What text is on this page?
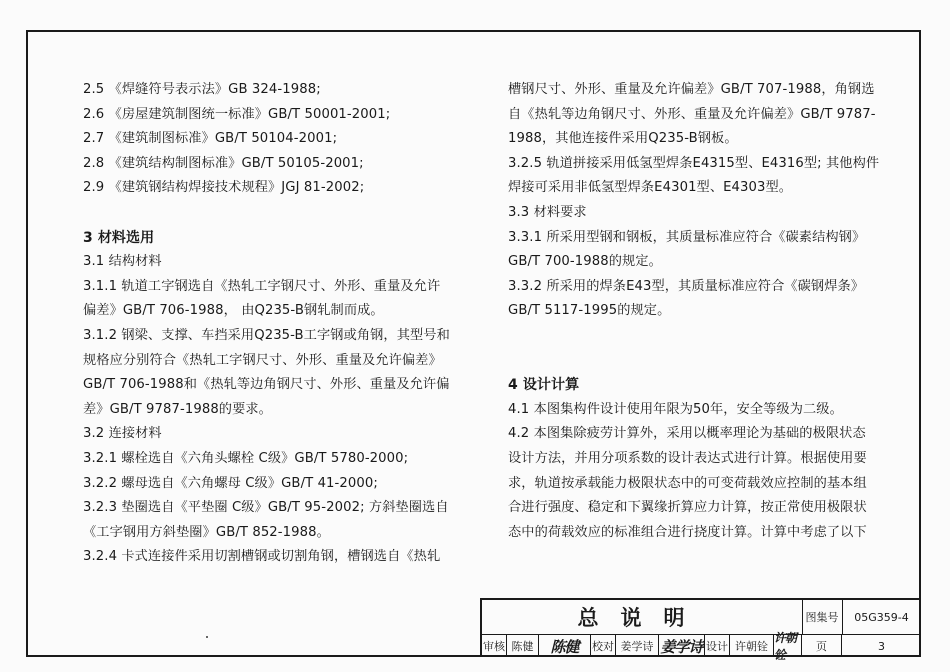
2.5 《焊缝符号表示法》GB 324-1988;
2.6 《房屋建筑制图统一标准》GB/T 50001-2001;
2.7 《建筑制图标准》GB/T 50104-2001;
2.8 《建筑结构制图标准》GB/T 50105-2001;
2.9 《建筑钢结构焊接技术规程》JGJ 81-2002;
3 材料选用
3.1 结构材料
3.1.1 轨道工字钢选自《热轧工字钢尺寸、外形、重量及允许
偏差》GB/T 706-1988， 由Q235-B钢轧制而成。
3.1.2 钢梁、支撑、车挡采用Q235-B工字钢或角钢，其型号和
规格应分别符合《热轧工字钢尺寸、外形、重量及允许偏差》
GB/T 706-1988和《热轧等边角钢尺寸、外形、重量及允许偏
差》GB/T 9787-1988的要求。
3.2 连接材料
3.2.1 螺栓选自《六角头螺栓 C级》GB/T 5780-2000;
3.2.2 螺母选自《六角螺母 C级》GB/T 41-2000;
3.2.3 垫圈选自《平垫圈 C级》GB/T 95-2002; 方斜垫圈选自
《工字钢用方斜垫圈》GB/T 852-1988。
3.2.4 卡式连接件采用切割槽钢或切割角钢，槽钢选自《热轧
槽钢尺寸、外形、重量及允许偏差》GB/T 707-1988，角钢选
自《热轧等边角钢尺寸、外形、重量及允许偏差》GB/T 9787-
1988，其他连接件采用Q235-B钢板。
3.2.5 轨道拼接采用低氢型焊条E4315型、E4316型; 其他构件
焊接可采用非低氢型焊条E4301型、E4303型。
3.3 材料要求
3.3.1 所采用型钢和钢板，其质量标准应符合《碳素结构钢》
GB/T 700-1988的规定。
3.3.2 所采用的焊条E43型，其质量标准应符合《碳钢焊条》
GB/T 5117-1995的规定。
4 设计计算
4.1 本图集构件设计使用年限为50年，安全等级为二级。
4.2 本图集除疲劳计算外，采用以概率理论为基础的极限状态
设计方法，并用分项系数的设计表达式进行计算。根据使用要
求，轨道按承载能力极限状态中的可变荷载效应控制的基本组
合进行强度、稳定和下翼缘折算应力计算，按正常使用极限状
态中的荷载效应的标准组合进行挠度计算。计算中考虑了以下
总说明	图集号	05G359-4
审核 陈健	陈健	校对 姜学诗 姜学诗 设计 许朝铨
许朝铨
页	3
